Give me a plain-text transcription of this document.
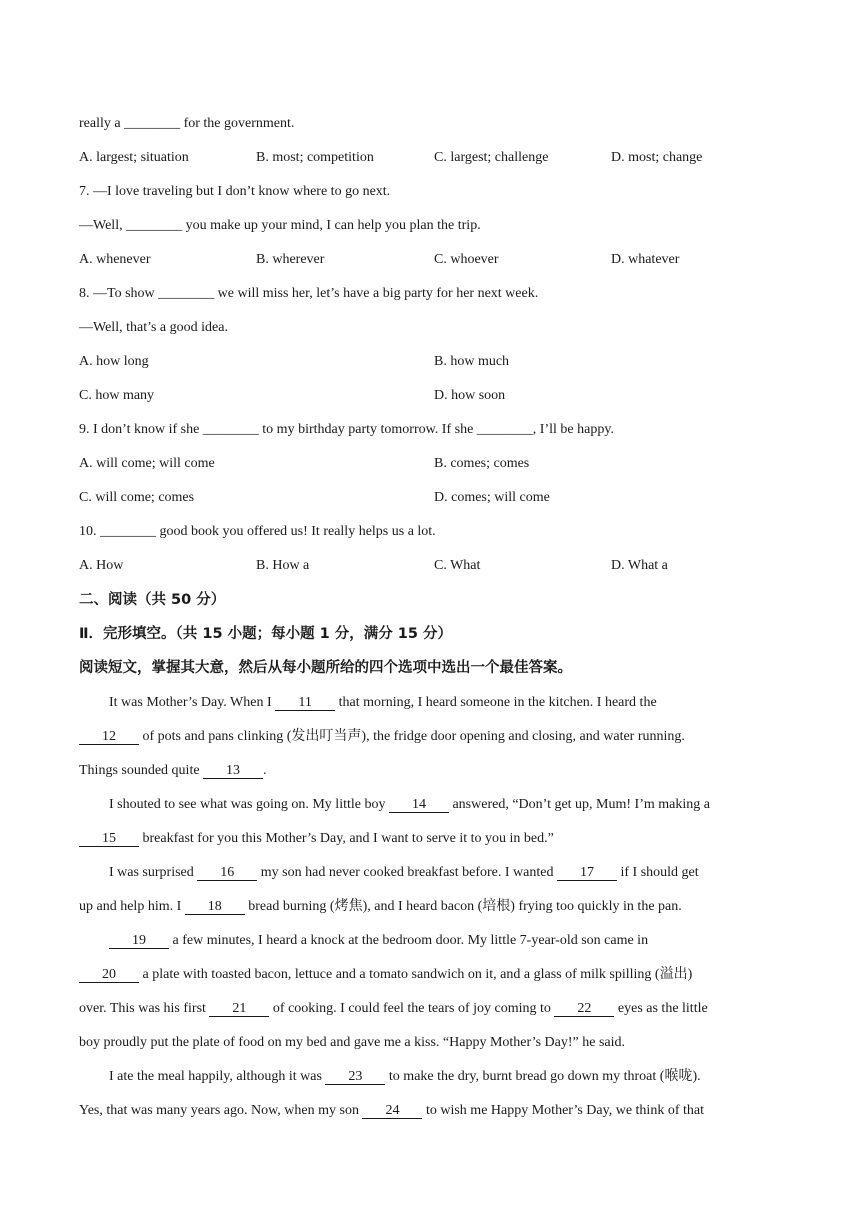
really a ________ for the government.
A. largest; situation	B. most; competition	C. largest; challenge	D. most; change
7. —I love traveling but I don’t know where to go next.
—Well, ________ you make up your mind, I can help you plan the trip.
A. whenever	B. wherever	C. whoever	D. whatever
8. —To show ________ we will miss her, let’s have a big party for her next week.
—Well, that’s a good idea.
A. how long	B. how much
C. how many	D. how soon
9. I don’t know if she ________ to my birthday party tomorrow. If she ________, I’ll be happy.
A. will come; will come	B. comes; comes
C. will come; comes	D. comes; will come
10. ________ good book you offered us! It really helps us a lot.
A. How	B. How a	C. What	D. What a
二、阅读（共 50 分）
Ⅱ．完形填空。（共 15 小题；每小题 1 分，满分 15 分）
阅读短文，掌握其大意，然后从每小题所给的四个选项中选出一个最佳答案。
It was Mother’s Day. When I 11 that morning, I heard someone in the kitchen. I heard the
12 of pots and pans clinking (发出叮当声), the fridge door opening and closing, and water running.
Things sounded quite 13 .
I shouted to see what was going on. My little boy 14 answered, “Don’t get up, Mum! I’m making a
15 breakfast for you this Mother’s Day, and I want to serve it to you in bed.”
I was surprised 16 my son had never cooked breakfast before. I wanted 17 if I should get
up and help him. I 18 bread burning (烤焦), and I heard bacon (培根) frying too quickly in the pan.
19 a few minutes, I heard a knock at the bedroom door. My little 7-year-old son came in
20 a plate with toasted bacon, lettuce and a tomato sandwich on it, and a glass of milk spilling (溢出)
over. This was his first 21 of cooking. I could feel the tears of joy coming to 22 eyes as the little
boy proudly put the plate of food on my bed and gave me a kiss. “Happy Mother’s Day!” he said.
I ate the meal happily, although it was 23 to make the dry, burnt bread go down my throat (喉咙).
Yes, that was many years ago. Now, when my son 24 to wish me Happy Mother’s Day, we think of that
